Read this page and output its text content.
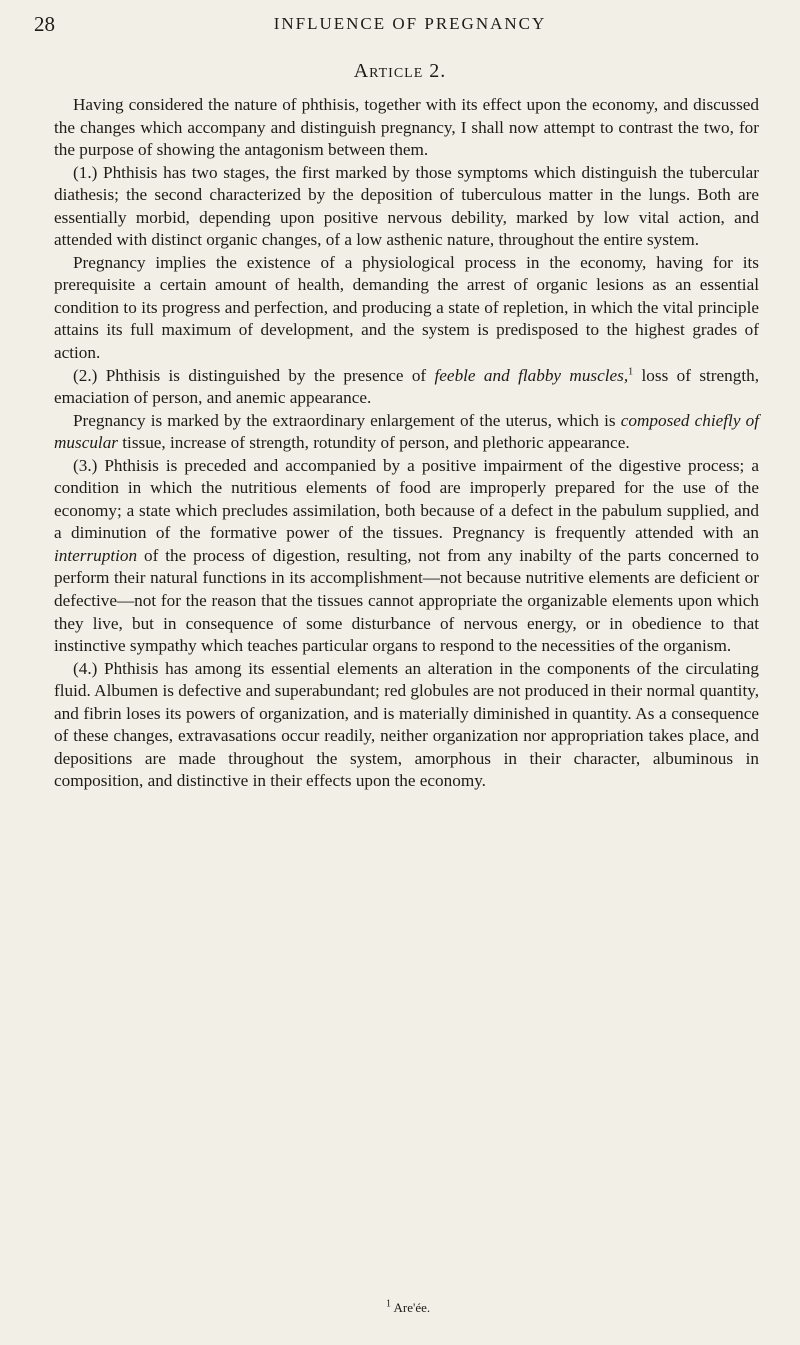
28	INFLUENCE OF PREGNANCY
Article 2.

Having considered the nature of phthisis, together with its effect upon the economy, and discussed the changes which accompany and distinguish pregnancy, I shall now attempt to contrast the two, for the purpose of showing the antagonism between them.

(1.) Phthisis has two stages, the first marked by those symptoms which distinguish the tubercular diathesis; the second characterized by the deposition of tuberculous matter in the lungs. Both are essentially morbid, depending upon positive nervous debility, marked by low vital action, and attended with distinct organic changes, of a low asthenic nature, throughout the entire system.

Pregnancy implies the existence of a physiological process in the economy, having for its prerequisite a certain amount of health, demanding the arrest of organic lesions as an essential condition to its progress and perfection, and producing a state of repletion, in which the vital principle attains its full maximum of development, and the system is predisposed to the highest grades of action.

(2.) Phthisis is distinguished by the presence of feeble and flabby muscles,$^1$ loss of strength, emaciation of person, and anemic appearance.

Pregnancy is marked by the extraordinary enlargement of the uterus, which is composed chiefly of muscular tissue, increase of strength, rotundity of person, and plethoric appearance.

(3.) Phthisis is preceded and accompanied by a positive impairment of the digestive process; a condition in which the nutritious elements of food are improperly prepared for the use of the economy; a state which precludes assimilation, both because of a defect in the pabulum supplied, and a diminution of the formative power of the tissues. Pregnancy is frequently attended with an interruption of the process of digestion, resulting, not from any inabilty of the parts concerned to perform their natural functions in its accomplishment—not because nutritive elements are deficient or defective—not for the reason that the tissues cannot appropriate the organizable elements upon which they live, but in consequence of some disturbance of nervous energy, or in obedience to that instinctive sympathy which teaches particular organs to respond to the necessities of the organism.

(4.) Phthisis has among its essential elements an alteration in the components of the circulating fluid. Albumen is defective and superabundant; red globules are not produced in their normal quantity, and fibrin loses its powers of organization, and is materially diminished in quantity. As a consequence of these changes, extravasations occur readily, neither organization nor appropriation takes place, and depositions are made throughout the system, amorphous in their character, albuminous in composition, and distinctive in their effects upon the economy.

$^1$ Are'ée.
